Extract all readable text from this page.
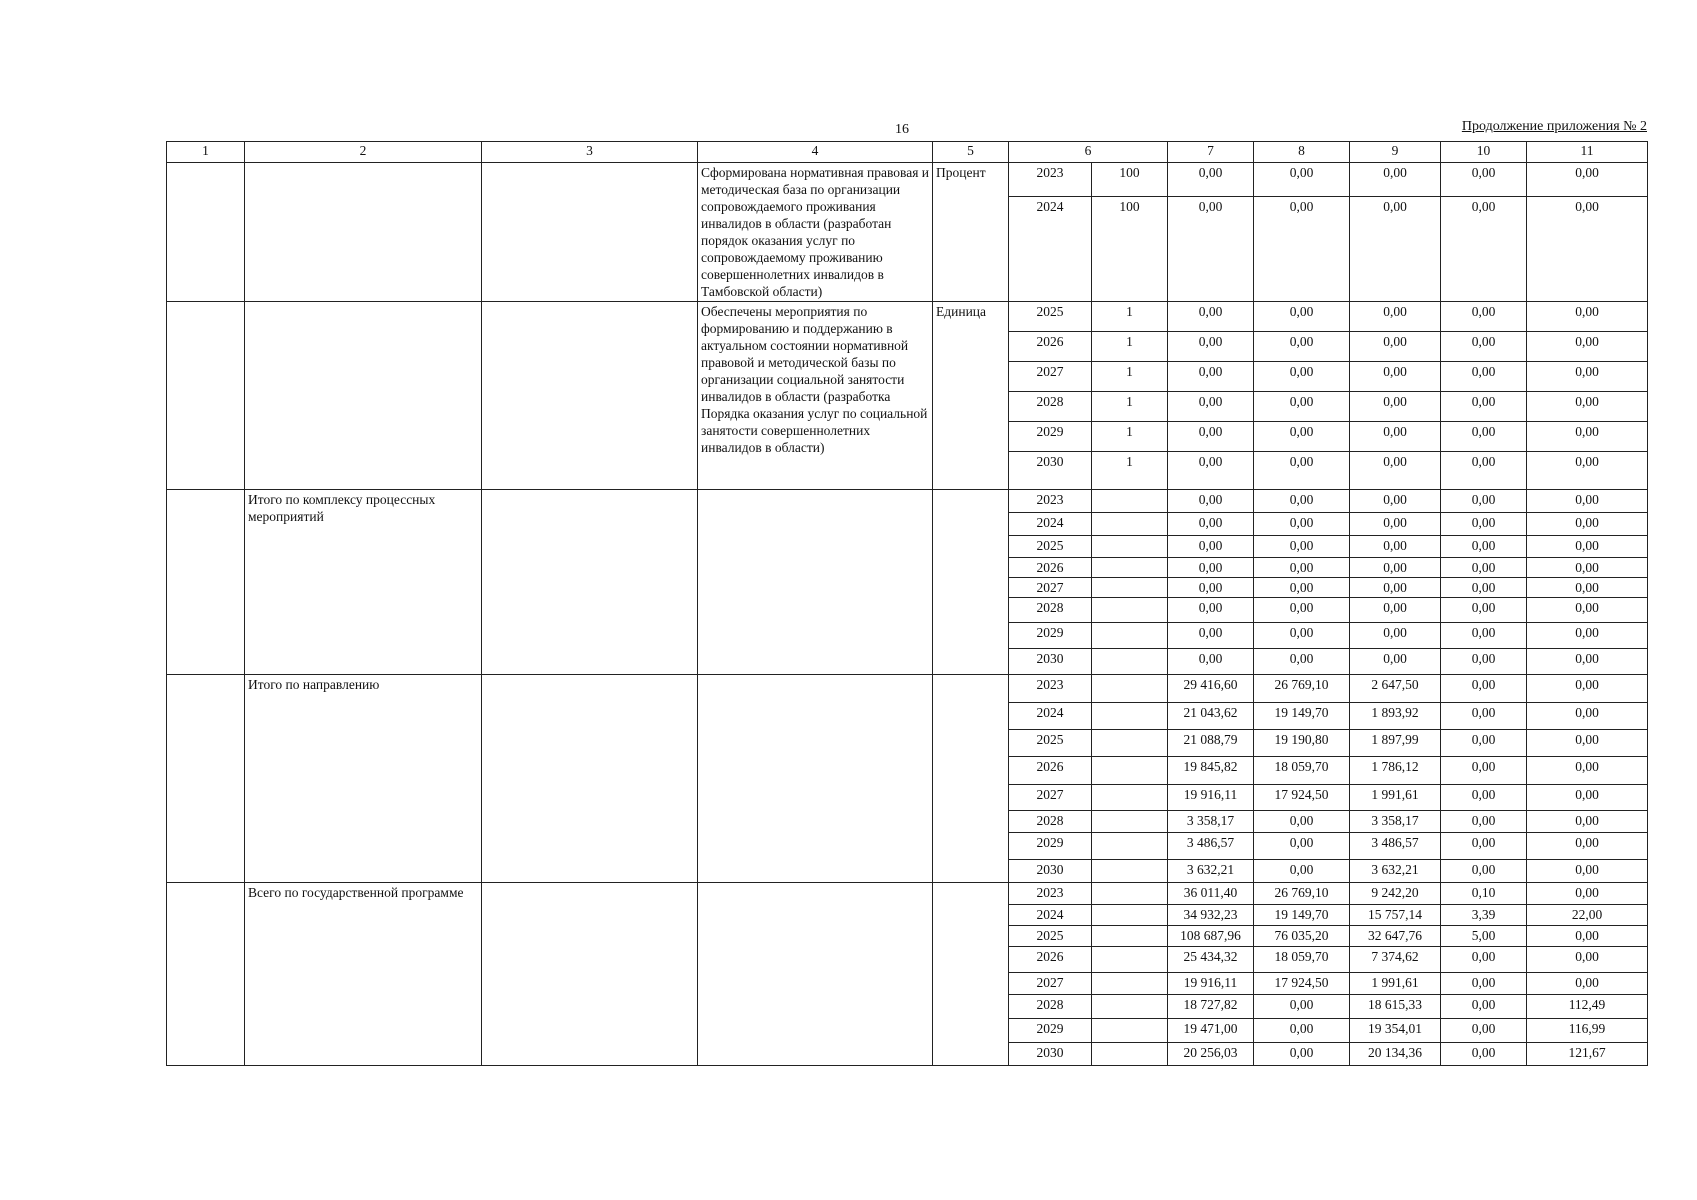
16	Продолжение приложения № 2
1	2	3	4	5	6		7	8	9	10	11
			Сформирована нормативная правовая и методическая база по организации сопровождаемого проживания инвалидов в области (разработан порядок оказания услуг по сопровождаемому проживанию совершеннолетних инвалидов в Тамбовской области)	Процент	2023	100	0,00	0,00	0,00	0,00	0,00
					2024	100	0,00	0,00	0,00	0,00	0,00
			Обеспечены мероприятия по формированию и поддержанию в актуальном состоянии нормативной правовой и методической базы по организации социальной занятости инвалидов в области (разработка Порядка оказания услуг по социальной занятости совершеннолетних инвалидов в области)	Единица	2025	1	0,00	0,00	0,00	0,00	0,00
					2026	1	0,00	0,00	0,00	0,00	0,00
					2027	1	0,00	0,00	0,00	0,00	0,00
					2028	1	0,00	0,00	0,00	0,00	0,00
					2029	1	0,00	0,00	0,00	0,00	0,00
					2030	1	0,00	0,00	0,00	0,00	0,00
	Итого по комплексу процессных мероприятий				2023		0,00	0,00	0,00	0,00	0,00
					2024		0,00	0,00	0,00	0,00	0,00
					2025		0,00	0,00	0,00	0,00	0,00
					2026		0,00	0,00	0,00	0,00	0,00
					2027		0,00	0,00	0,00	0,00	0,00
					2028		0,00	0,00	0,00	0,00	0,00
					2029		0,00	0,00	0,00	0,00	0,00
					2030		0,00	0,00	0,00	0,00	0,00
	Итого по направлению				2023		29 416,60	26 769,10	2 647,50	0,00	0,00
					2024		21 043,62	19 149,70	1 893,92	0,00	0,00
					2025		21 088,79	19 190,80	1 897,99	0,00	0,00
					2026		19 845,82	18 059,70	1 786,12	0,00	0,00
					2027		19 916,11	17 924,50	1 991,61	0,00	0,00
					2028		3 358,17	0,00	3 358,17	0,00	0,00
					2029		3 486,57	0,00	3 486,57	0,00	0,00
					2030		3 632,21	0,00	3 632,21	0,00	0,00
	Всего по государственной программе				2023		36 011,40	26 769,10	9 242,20	0,10	0,00
					2024		34 932,23	19 149,70	15 757,14	3,39	22,00
					2025		108 687,96	76 035,20	32 647,76	5,00	0,00
					2026		25 434,32	18 059,70	7 374,62	0,00	0,00
					2027		19 916,11	17 924,50	1 991,61	0,00	0,00
					2028		18 727,82	0,00	18 615,33	0,00	112,49
					2029		19 471,00	0,00	19 354,01	0,00	116,99
					2030		20 256,03	0,00	20 134,36	0,00	121,67
